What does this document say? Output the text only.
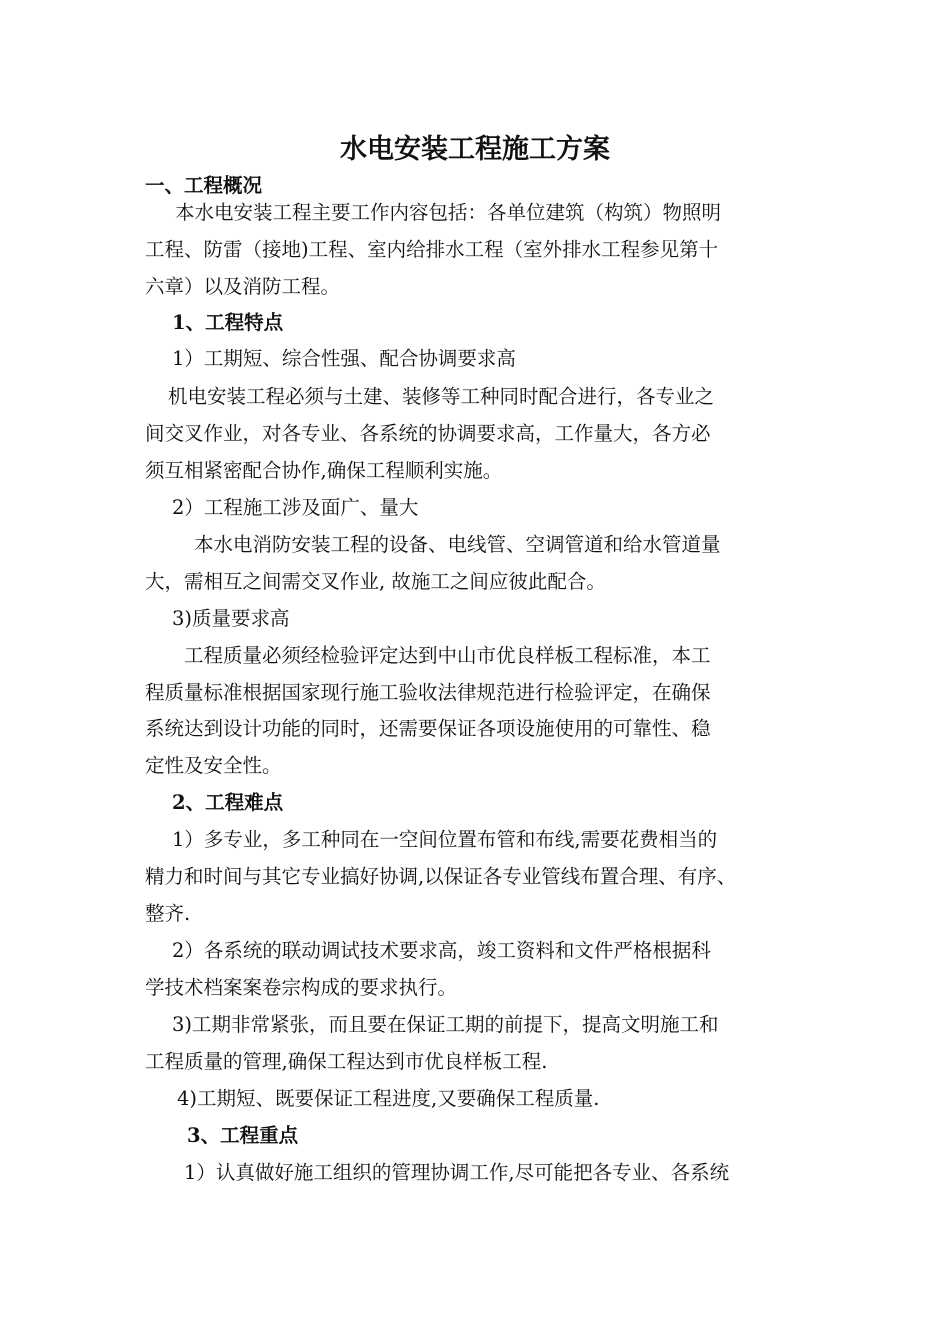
水电安装工程施工方案
一、工程概况
本水电安装工程主要工作内容包括：各单位建筑（构筑）物照明
工程、防雷（接地)工程、室内给排水工程（室外排水工程参见第十
六章）以及消防工程。
1、工程特点
1）工期短、综合性强、配合协调要求高
机电安装工程必须与土建、装修等工种同时配合进行，各专业之
间交叉作业，对各专业、各系统的协调要求高，工作量大，各方必
须互相紧密配合协作,确保工程顺利实施。
2）工程施工涉及面广、量大
本水电消防安装工程的设备、电线管、空调管道和给水管道量
大，需相互之间需交叉作业, 故施工之间应彼此配合。
3)质量要求高
工程质量必须经检验评定达到中山市优良样板工程标准，本工
程质量标准根据国家现行施工验收法律规范进行检验评定，在确保
系统达到设计功能的同时，还需要保证各项设施使用的可靠性、稳
定性及安全性。
2、工程难点
1）多专业，多工种同在一空间位置布管和布线,需要花费相当的
精力和时间与其它专业搞好协调,以保证各专业管线布置合理、有序、
整齐.
2）各系统的联动调试技术要求高，竣工资料和文件严格根据科
学技术档案案卷宗构成的要求执行。
3)工期非常紧张，而且要在保证工期的前提下，提高文明施工和
工程质量的管理,确保工程达到市优良样板工程.
4)工期短、既要保证工程进度,又要确保工程质量.
3、工程重点
1）认真做好施工组织的管理协调工作,尽可能把各专业、各系统
